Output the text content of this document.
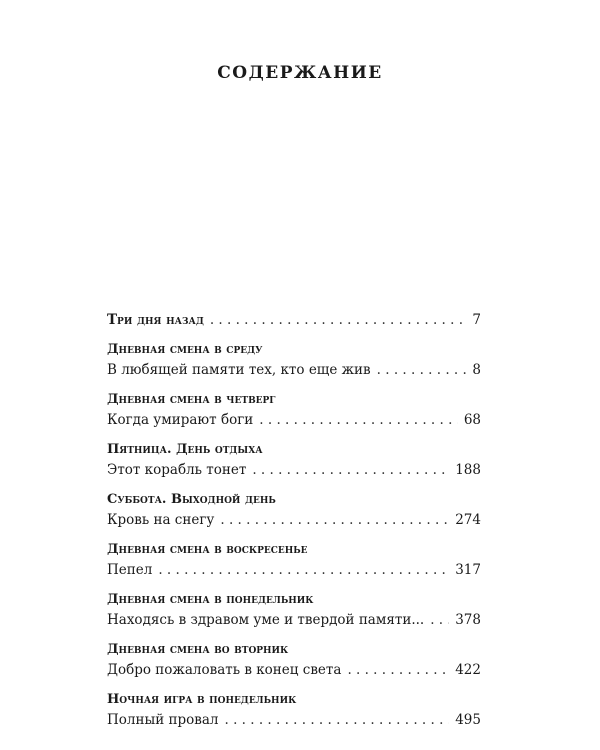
СОДЕРЖАНИЕ
Три дня назад . . .	7
Дневная смена в среду
В любящей памяти тех, кто еще жив . . .	8
Дневная смена в четверг
Когда умирают боги . . .	68
Пятница. День отдыха
Этот корабль тонет . . .	188
Суббота. Выходной день
Кровь на снегу . . .	274
Дневная смена в воскресенье
Пепел . . .	317
Дневная смена в понедельник
Находясь в здравом уме и твердой памяти... . . . 378
Дневная смена во вторник
Добро пожаловать в конец света . . .	422
Ночная игра в понедельник
Полный провал . . .	495
